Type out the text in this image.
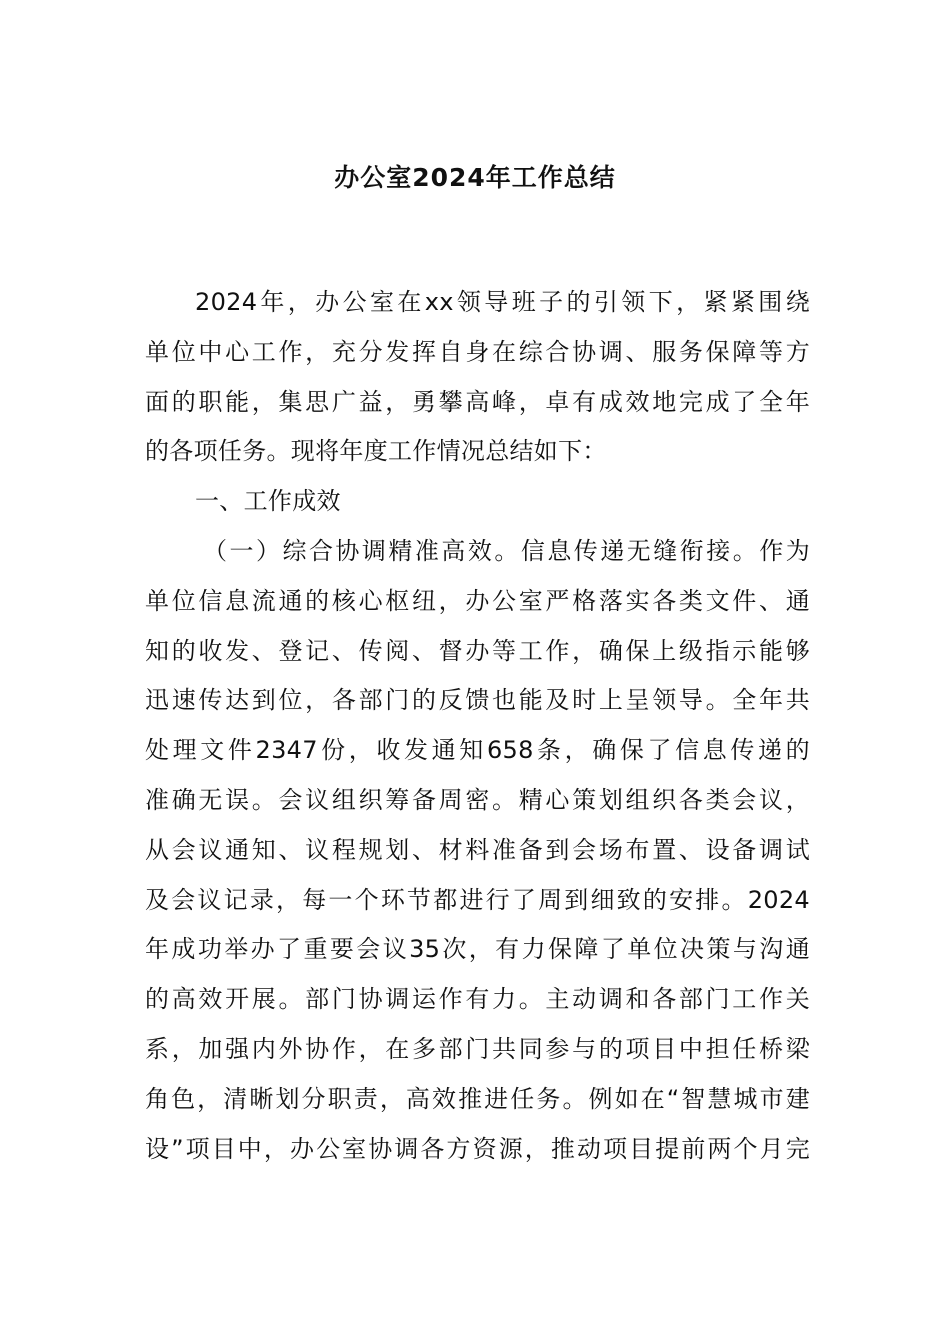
办公室2024年工作总结
2024年，办公室在xx领导班子的引领下，紧紧围绕
单位中心工作，充分发挥自身在综合协调、服务保障等方
面的职能，集思广益，勇攀高峰，卓有成效地完成了全年
的各项任务。现将年度工作情况总结如下：
一、工作成效
（一）综合协调精准高效。信息传递无缝衔接。作为
单位信息流通的核心枢纽，办公室严格落实各类文件、通
知的收发、登记、传阅、督办等工作，确保上级指示能够
迅速传达到位，各部门的反馈也能及时上呈领导。全年共
处理文件2347份，收发通知658条，确保了信息传递的
准确无误。会议组织筹备周密。精心策划组织各类会议，
从会议通知、议程规划、材料准备到会场布置、设备调试
及会议记录，每一个环节都进行了周到细致的安排。2024
年成功举办了重要会议35次，有力保障了单位决策与沟通
的高效开展。部门协调运作有力。主动调和各部门工作关
系，加强内外协作，在多部门共同参与的项目中担任桥梁
角色，清晰划分职责，高效推进任务。例如在“智慧城市建
设”项目中，办公室协调各方资源，推动项目提前两个月完
